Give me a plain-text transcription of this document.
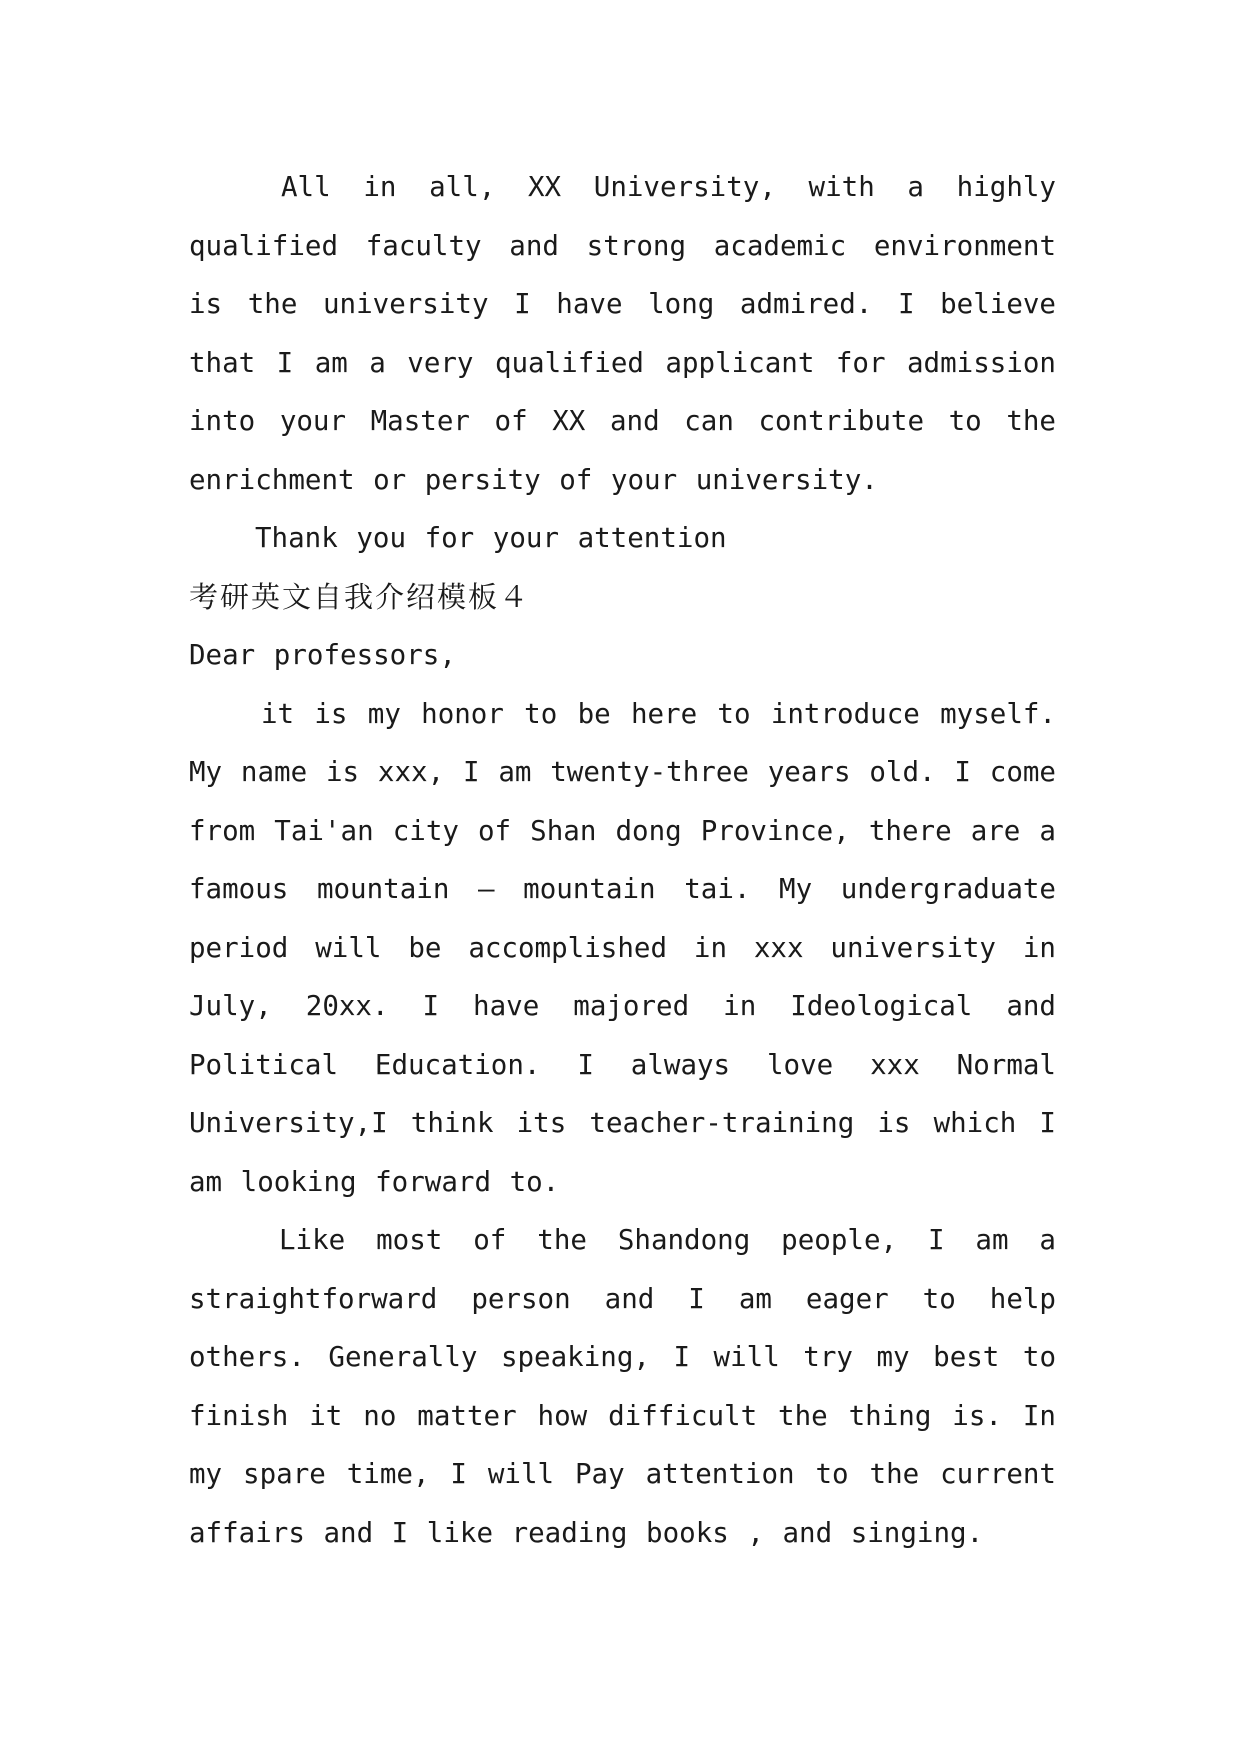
All in all, XX University, with a highly qualified faculty and strong academic environment is the university I have long admired. I believe that I am a very qualified applicant for admission into your Master of XX and can contribute to the enrichment or persity of your university.

Thank you for your attention

考研英文自我介绍模板４

Dear professors,

it is my honor to be here to introduce myself. My name is xxx, I am twenty-three years old. I come from Tai'an city of Shan dong Province, there are a famous mountain – mountain tai. My undergraduate period will be accomplished in xxx university in July, 20xx. I have majored in Ideological and Political Education. I always love xxx Normal University,I think its teacher-training is which I am looking forward to.

Like most of the Shandong people, I am a straightforward person and I am eager to help others. Generally speaking, I will try my best to finish it no matter how difficult the thing is. In my spare time, I will Pay attention to the current affairs and I like reading books , and singing.
